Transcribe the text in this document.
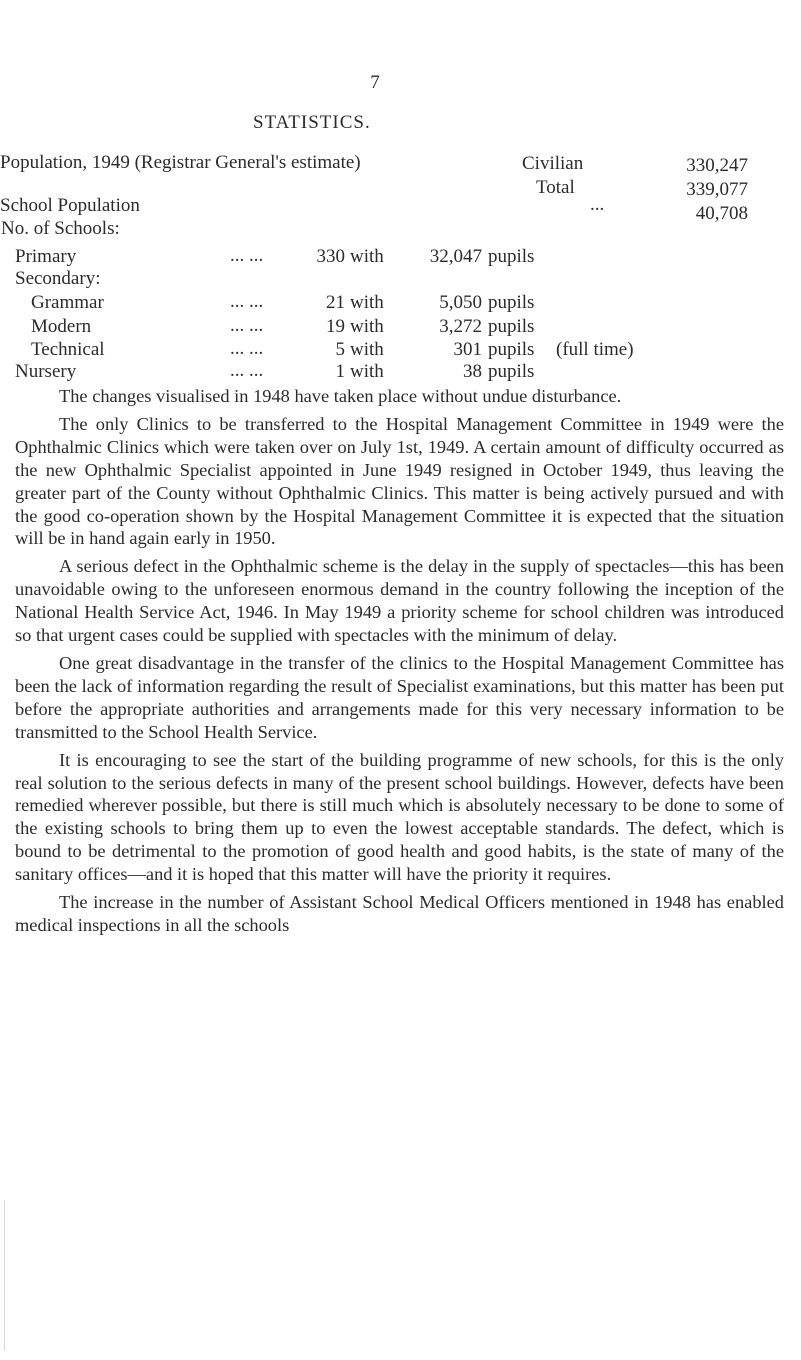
7
STATISTICS.
Population, 1949 (Registrar General's estimate)	Civilian	330,247
Total	339,077
School Population	...	40,708
No. of Schools:
Primary	... ...	330 with	32,047 pupils
Secondary:
Grammar	... ...	21 with	5,050 pupils
Modern	... ...	19 with	3,272 pupils
Technical	... ...	5 with	301 pupils (full time)
Nursery	... ...	1 with	38 pupils

The changes visualised in 1948 have taken place without undue disturbance.

The only Clinics to be transferred to the Hospital Management Committee in 1949 were the Ophthalmic Clinics which were taken over on July 1st, 1949. A certain amount of difficulty occurred as the new Ophthalmic Specialist appointed in June 1949 resigned in October 1949, thus leaving the greater part of the County without Ophthalmic Clinics. This matter is being actively pursued and with the good co-operation shown by the Hospital Management Committee it is expected that the situation will be in hand again early in 1950.

A serious defect in the Ophthalmic scheme is the delay in the supply of spectacles—this has been unavoidable owing to the unforeseen enormous demand in the country following the inception of the National Health Service Act, 1946. In May 1949 a priority scheme for school children was introduced so that urgent cases could be supplied with spectacles with the minimum of delay.

One great disadvantage in the transfer of the clinics to the Hospital Management Committee has been the lack of information regarding the result of Specialist examinations, but this matter has been put before the appropriate authorities and arrangements made for this very necessary information to be transmitted to the School Health Service.

It is encouraging to see the start of the building programme of new schools, for this is the only real solution to the serious defects in many of the present school buildings. However, defects have been remedied wherever possible, but there is still much which is absolutely necessary to be done to some of the existing schools to bring them up to even the lowest acceptable standards. The defect, which is bound to be detrimental to the promotion of good health and good habits, is the state of many of the sanitary offices—and it is hoped that this matter will have the priority it requires.

The increase in the number of Assistant School Medical Officers mentioned in 1948 has enabled medical inspections in all the schools
